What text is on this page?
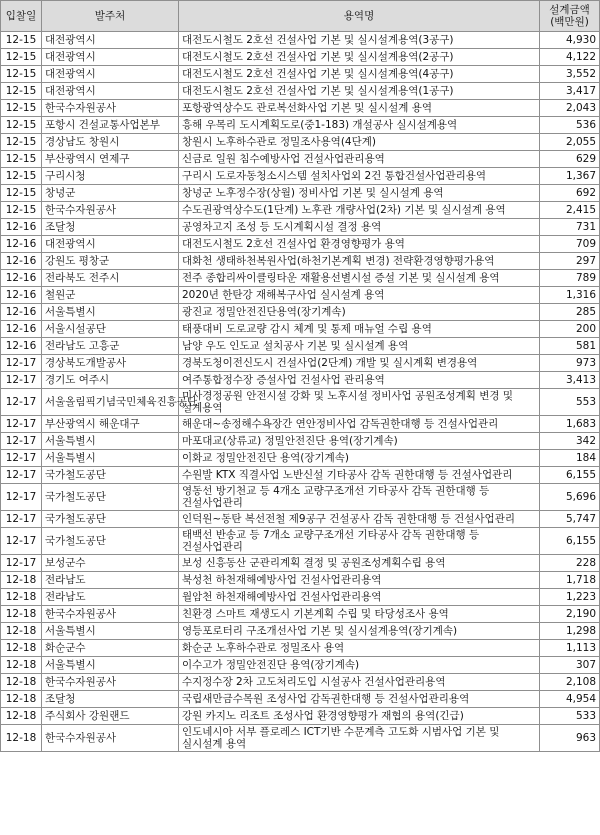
입찰일	발주처	용역명	설계금액
(백만원)
12-15	대전광역시	대전도시철도 2호선 건설사업 기본 및 실시설계용역(3공구)	4,930
12-15	대전광역시	대전도시철도 2호선 건설사업 기본 및 실시설계용역(2공구)	4,122
12-15	대전광역시	대전도시철도 2호선 건설사업 기본 및 실시설계용역(4공구)	3,552
12-15	대전광역시	대전도시철도 2호선 건설사업 기본 및 실시설계용역(1공구)	3,417
12-15	한국수자원공사	포항광역상수도 관로복선화사업 기본 및 실시설계 용역	2,043
12-15	포항시 건설교통사업본부	흥해 우목리 도시계획도로(중1-183) 개설공사 실시설계용역	536
12-15	경상남도 창원시	창원시 노후하수관로 정밀조사용역(4단계)	2,055
12-15	부산광역시 연제구	신금로 일원 침수예방사업 건설사업관리용역	629
12-15	구리시청	구리시 도로자동청소시스템 설치사업외 2건 통합건설사업관리용역	1,367
12-15	창녕군	창녕군 노후정수장(상월) 정비사업 기본 및 실시설계 용역	692
12-15	한국수자원공사	수도권광역상수도(1단계) 노후관 개량사업(2차) 기본 및 실시설계 용역	2,415
12-16	조달청	공영차고지 조성 등 도시계획시설 결정 용역	731
12-16	대전광역시	대전도시철도 2호선 건설사업 환경영향평가 용역	709
12-16	강원도 평창군	대화천 생태하천복원사업(하천기본계획 변경) 전략환경영향평가용역	297
12-16	전라북도 전주시	전주 종합리싸이클링타운 재활용선별시설 증설 기본 및 실시설계 용역	789
12-16	철원군	2020년 한탄강 재해복구사업 실시설계 용역	1,316
12-16	서울특별시	광진교 정밀안전진단용역(장기계속)	285
12-16	서울시설공단	태풍대비 도로교량 감시 체계 및 통제 매뉴얼 수립 용역	200
12-16	전라남도 고흥군	남양 우도 인도교 설치공사 기본 및 실시설계 용역	581
12-17	경상북도개발공사	경북도청이전신도시 건설사업(2단계) 개발 및 실시계획 변경용역	973
12-17	경기도 여주시	여주통합정수장 증설사업 건설사업 관리용역	3,413
12-17	서울올림픽기념국민체육진흥공단	미사경정공원 안전시설 강화 및 노후시설 정비사업 공원조성계획 변경 및 설계용역	553
12-17	부산광역시 해운대구	해운대~송정해수욕장간 연안정비사업 감독권한대행 등 건설사업관리	1,683
12-17	서울특별시	마포대교(상류교) 정밀안전진단 용역(장기계속)	342
12-17	서울특별시	이화교 정밀안전진단 용역(장기계속)	184
12-17	국가철도공단	수원발 KTX 직결사업 노반신설 기타공사 감독 권한대행 등 건설사업관리	6,155
12-17	국가철도공단	영동선 방기천교 등 4개소 교량구조개선 기타공사 감독 권한대행 등 건설사업관리	5,696
12-17	국가철도공단	인덕원~동탄 복선전철 제9공구 건설공사 감독 권한대행 등 건설사업관리	5,747
12-17	국가철도공단	태백선 반송교 등 7개소 교량구조개선 기타공사 감독 권한대행 등 건설사업관리	6,155
12-17	보성군수	보성 신흥동산 군관리계획 결정 및 공원조성계획수립 용역	228
12-18	전라남도	북성천 하천재해예방사업 건설사업관리용역	1,718
12-18	전라남도	월암천 하천재해예방사업 건설사업관리용역	1,223
12-18	한국수자원공사	친환경 스마트 재생도시 기본계획 수립 및 타당성조사 용역	2,190
12-18	서울특별시	영등포로터리 구조개선사업 기본 및 실시설계용역(장기계속)	1,298
12-18	화순군수	화순군 노후하수관로 정밀조사 용역	1,113
12-18	서울특별시	이수고가 정밀안전진단 용역(장기계속)	307
12-18	한국수자원공사	수지정수장 2차 고도처리도입 시설공사 건설사업관리용역	2,108
12-18	조달청	국립새만금수목원 조성사업 감독권한대행 등 건설사업관리용역	4,954
12-18	주식회사 강원랜드	강원 카지노 리조트 조성사업 환경영향평가 재협의 용역(긴급)	533
12-18	한국수자원공사	인도네시아 서부 플로레스 ICT기반 수문계측 고도화 시범사업 기본 및 실시설계 용역	963
